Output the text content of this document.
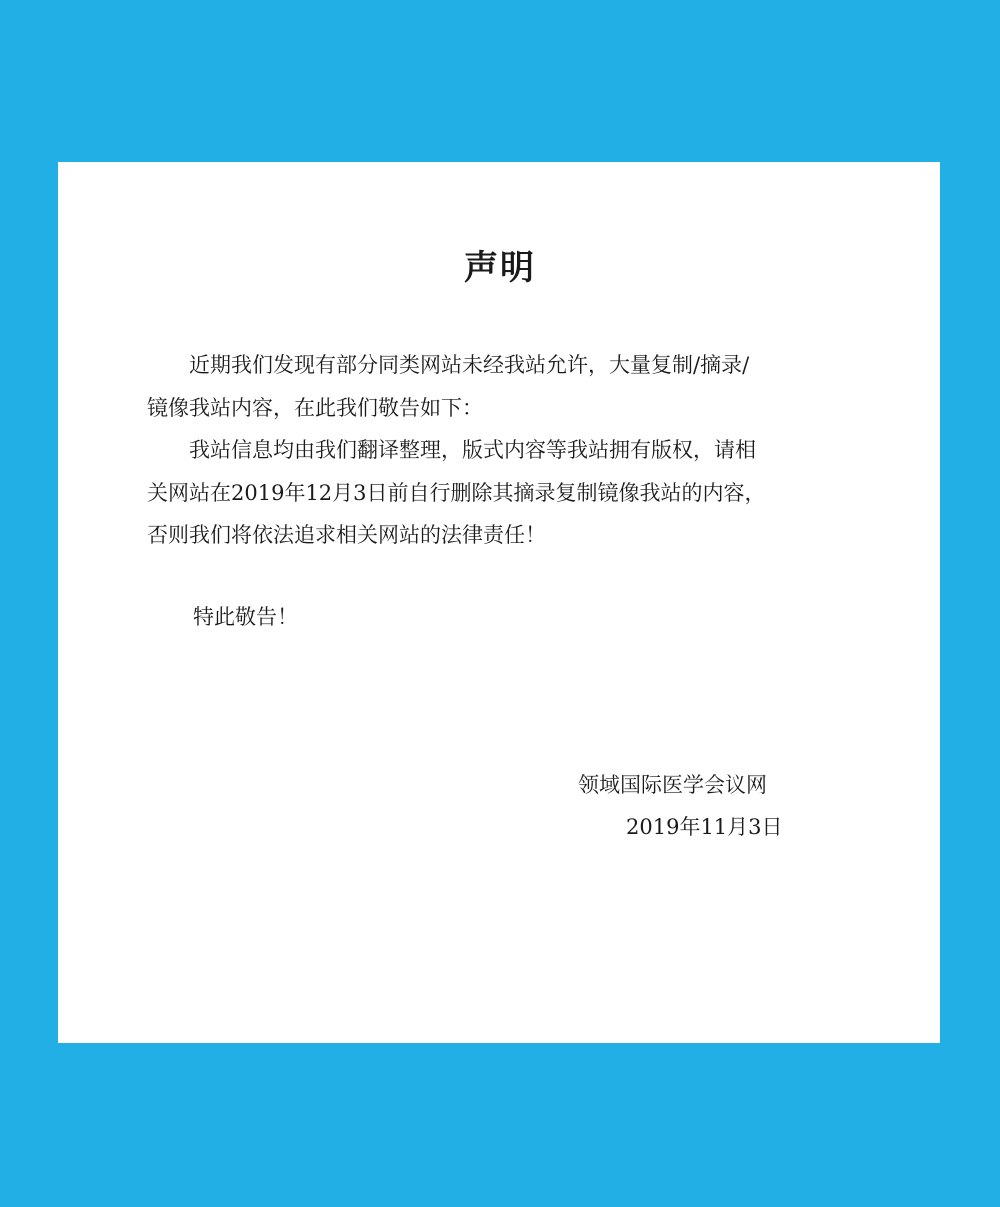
声明

　　近期我们发现有部分同类网站未经我站允许，大量复制/摘录/

镜像我站内容，在此我们敬告如下：

　　我站信息均由我们翻译整理，版式内容等我站拥有版权，请相

关网站在2019年12月3日前自行删除其摘录复制镜像我站的内容，

否则我们将依法追求相关网站的法律责任！

特此敬告！

领域国际医学会议网

2019年11月3日
